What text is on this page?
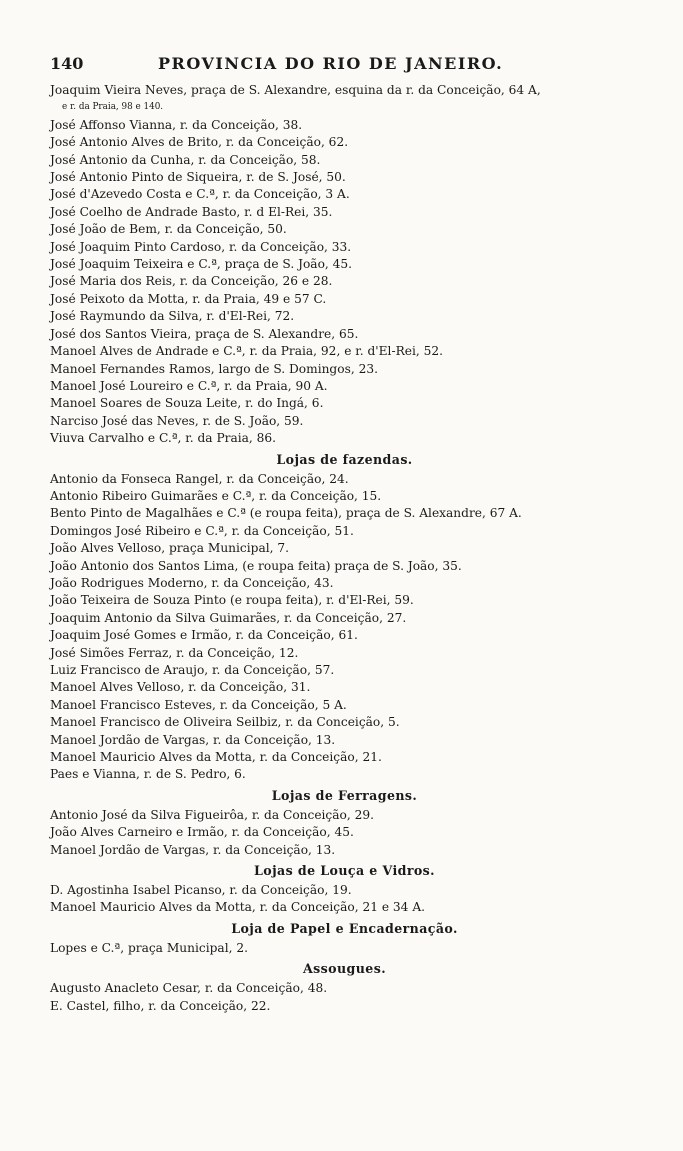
140	PROVINCIA DO RIO DE JANEIRO.
Joaquim Vieira Neves, praça de S. Alexandre, esquina da r. da Conceição, 64 A,
e r. da Praia, 98 e 140.
José Affonso Vianna, r. da Conceição, 38.
José Antonio Alves de Brito, r. da Conceição, 62.
José Antonio da Cunha, r. da Conceição, 58.
José Antonio Pinto de Siqueira, r. de S. José, 50.
José d'Azevedo Costa e C.ª, r. da Conceição, 3 A.
José Coelho de Andrade Basto, r. d El-Rei, 35.
José João de Bem, r. da Conceição, 50.
José Joaquim Pinto Cardoso, r. da Conceição, 33.
José Joaquim Teixeira e C.ª, praça de S. João, 45.
José Maria dos Reis, r. da Conceição, 26 e 28.
José Peixoto da Motta, r. da Praia, 49 e 57 C.
José Raymundo da Silva, r. d'El-Rei, 72.
José dos Santos Vieira, praça de S. Alexandre, 65.
Manoel Alves de Andrade e C.ª, r. da Praia, 92, e r. d'El-Rei, 52.
Manoel Fernandes Ramos, largo de S. Domingos, 23.
Manoel José Loureiro e C.ª, r. da Praia, 90 A.
Manoel Soares de Souza Leite, r. do Ingá, 6.
Narciso José das Neves, r. de S. João, 59.
Viuva Carvalho e C.ª, r. da Praia, 86.
Lojas de fazendas.
Antonio da Fonseca Rangel, r. da Conceição, 24.
Antonio Ribeiro Guimarães e C.ª, r. da Conceição, 15.
Bento Pinto de Magalhães e C.ª (e roupa feita), praça de S. Alexandre, 67 A.
Domingos José Ribeiro e C.ª, r. da Conceição, 51.
João Alves Velloso, praça Municipal, 7.
João Antonio dos Santos Lima, (e roupa feita) praça de S. João, 35.
João Rodrigues Moderno, r. da Conceição, 43.
João Teixeira de Souza Pinto (e roupa feita), r. d'El-Rei, 59.
Joaquim Antonio da Silva Guimarães, r. da Conceição, 27.
Joaquim José Gomes e Irmão, r. da Conceição, 61.
José Simões Ferraz, r. da Conceição, 12.
Luiz Francisco de Araujo, r. da Conceição, 57.
Manoel Alves Velloso, r. da Conceição, 31.
Manoel Francisco Esteves, r. da Conceição, 5 A.
Manoel Francisco de Oliveira Seilbiz, r. da Conceição, 5.
Manoel Jordão de Vargas, r. da Conceição, 13.
Manoel Mauricio Alves da Motta, r. da Conceição, 21.
Paes e Vianna, r. de S. Pedro, 6.
Lojas de Ferragens.
Antonio José da Silva Figueirôa, r. da Conceição, 29.
João Alves Carneiro e Irmão, r. da Conceição, 45.
Manoel Jordão de Vargas, r. da Conceição, 13.
Lojas de Louça e Vidros.
D. Agostinha Isabel Picanso, r. da Conceição, 19.
Manoel Mauricio Alves da Motta, r. da Conceição, 21 e 34 A.
Loja de Papel e Encadernação.
Lopes e C.ª, praça Municipal, 2.
Assougues.
Augusto Anacleto Cesar, r. da Conceição, 48.
E. Castel, filho, r. da Conceição, 22.
